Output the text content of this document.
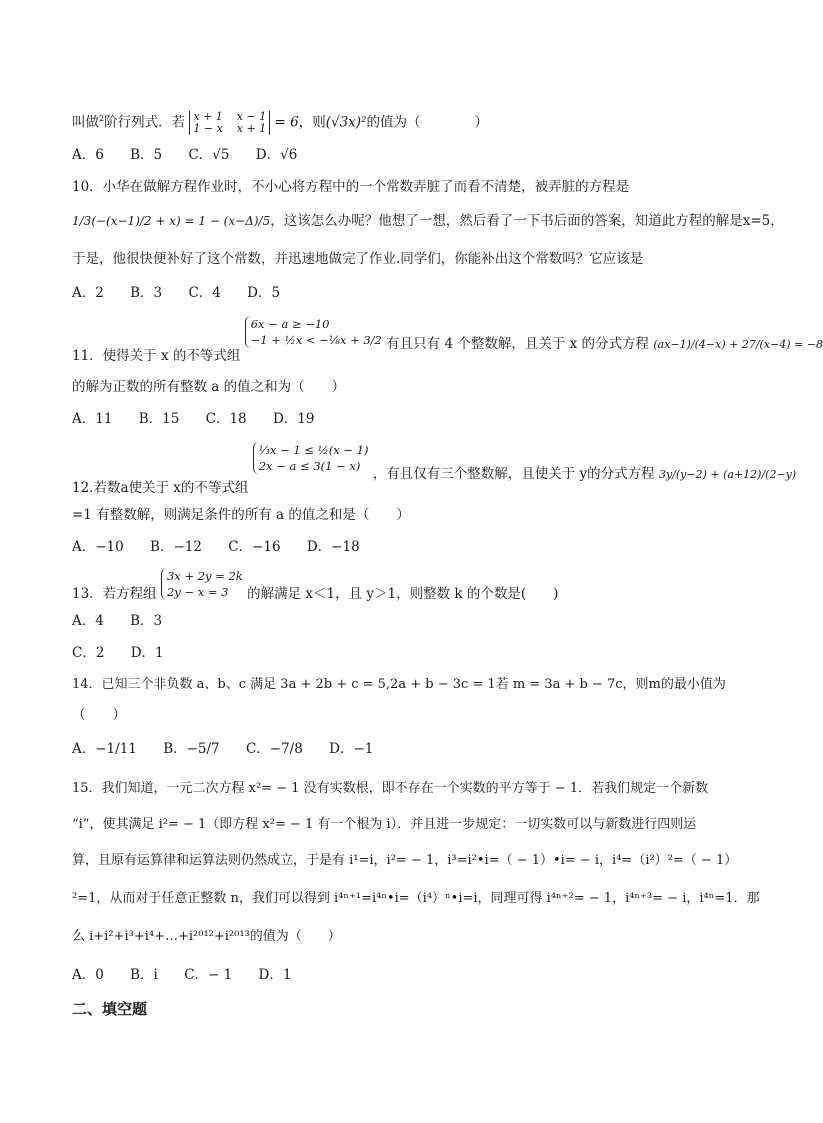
叫做$^2$阶行列式．若 x + 1    x − 1
1 − x    x + 1 = 6，则(√3x)²的值为（　　　　）
A．6 B．5 C．√5 D．√6
10．小华在做解方程作业时，不小心将方程中的一个常数弄脏了而看不清楚，被弄脏的方程是
1/3(−(x−1)/2 + x) = 1 − (x−Δ)/5，这该怎么办呢？他想了一想，然后看了一下书后面的答案，知道此方程的解是x=5，
于是，他很快便补好了这个常数，并迅速地做完了作业.同学们，你能补出这个常数吗？它应该是
A．2 B．3 C．4 D．5
11．使得关于 x 的不等式组
6x − a ≥ −10
−1 + ½x < −⅛x + 3/2 有且只有 4 个整数解，且关于 x 的分式方程 $_{(ax-1)/(4-x) + 27/(x-4) = -8}$
的解为正数的所有整数 a 的值之和为（　　）
A．11 B．15 C．18 D．19
12.若数a使关于 x的不等式组
⅓x − 1 ≤ ½(x − 1)
2x − a ≤ 3(1 − x) ，有且仅有三个整数解，且使关于 y的分式方程 $_{3y/(y-2) + (a+12)/(2-y)}$
=1 有整数解，则满足条件的所有 a 的值之和是（　　）
A．−10 B．−12 C．−16 D．−18
13．若方程组
3x + 2y = 2k
2y − x = 3	的解满足 x＜1，且 y＞1，则整数 k 的个数是(　　)
A．4 B．3
C．2 D．1
14．已知三个非负数 a、b、c 满足 3a + 2b + c = 5,2a + b − 3c = 1若 m = 3a + b − 7c，则m的最小值为
（　　）
A．−1/11 B．−5/7 C．−7/8 D．−1
15．我们知道，一元二次方程 x²= − 1 没有实数根，即不存在一个实数的平方等于 − 1．若我们规定一个新数
“i”，使其满足 i²= − 1（即方程 x²= − 1 有一个根为 i）．并且进一步规定：一切实数可以与新数进行四则运
算，且原有运算律和运算法则仍然成立，于是有 i¹=i，i²= − 1，i³=i²•i=（ − 1）•i= − i，i⁴=（i²）²=（ − 1）
²=1，从而对于任意正整数 n，我们可以得到 i⁴ⁿ⁺¹=i⁴ⁿ•i=（i⁴）ⁿ•i=i，同理可得 i⁴ⁿ⁺²= − 1，i⁴ⁿ⁺³= − i，i⁴ⁿ=1．那
么 i+i²+i³+i⁴+…+i²⁰¹²+i²⁰¹³的值为（　　）
A．0 B．i C．− 1 D．1
二、填空题
